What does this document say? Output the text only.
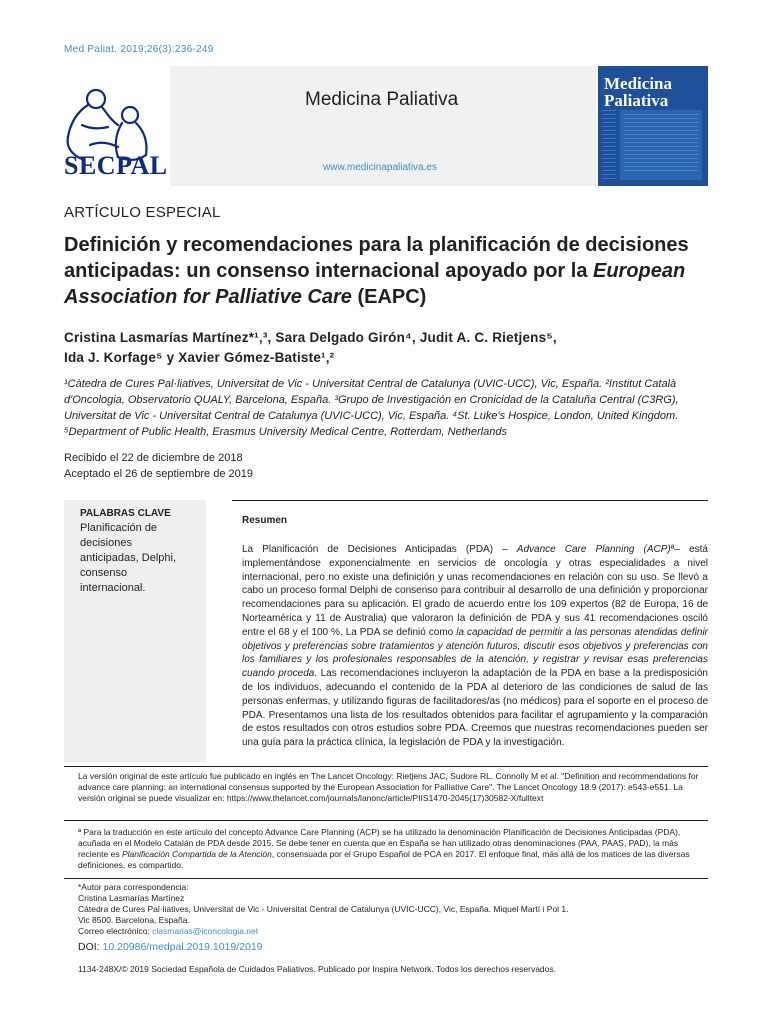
Med Paliat. 2019;26(3):236-249
SECPAL
Medicina Paliativa
www.medicinapaliativa.es

Medicina
Paliativa
ARTÍCULO ESPECIAL
Definición y recomendaciones para la planificación de decisiones anticipadas: un consenso internacional apoyado por la European Association for Palliative Care (EAPC)
Cristina Lasmarías Martínez*¹‚³, Sara Delgado Girón⁴, Judit A. C. Rietjens⁵,
Ida J. Korfage⁵ y Xavier Gómez-Batiste¹‚²
¹Càtedra de Cures Pal·liatives, Universitat de Vic - Universitat Central de Catalunya (UVIC-UCC), Vic, España. ²Institut Català d'Oncologia, Observatorio QUALY, Barcelona, España. ³Grupo de Investigación en Cronicidad de la Cataluña Central (C3RG), Universitat de Vic - Universitat Central de Catalunya (UVIC-UCC), Vic, España. ⁴St. Luke's Hospice, London, United Kingdom. ⁵Department of Public Health, Erasmus University Medical Centre, Rotterdam, Netherlands
Recibido el 22 de diciembre de 2018
Aceptado el 26 de septiembre de 2019
PALABRAS CLAVE
Planificación de decisiones anticipadas, Delphi, consenso internacional.
Resumen
La Planificación de Decisiones Anticipadas (PDA) – Advance Care Planning (ACP)ª– está implementándose exponencialmente en servicios de oncología y otras especialidades a nivel internacional, pero no existe una definición y unas recomendaciones en relación con su uso. Se llevó a cabo un proceso formal Delphi de consenso para contribuir al desarrollo de una definición y proporcionar recomendaciones para su aplicación. El grado de acuerdo entre los 109 expertos (82 de Europa, 16 de Norteamérica y 11 de Australia) que valoraron la definición de PDA y sus 41 recomendaciones osciló entre el 68 y el 100 %. La PDA se definió como la capacidad de permitir a las personas atendidas definir objetivos y preferencias sobre tratamientos y atención futuros, discutir esos objetivos y preferencias con los familiares y los profesionales responsables de la atención, y registrar y revisar esas preferencias cuando proceda. Las recomendaciones incluyeron la adaptación de la PDA en base a la predisposición de los individuos, adecuando el contenido de la PDA al deterioro de las condiciones de salud de las personas enfermas, y utilizando figuras de facilitadores/as (no médicos) para el soporte en el proceso de PDA. Presentamos una lista de los resultados obtenidos para facilitar el agrupamiento y la comparación de estos resultados con otros estudios sobre PDA. Creemos que nuestras recomendaciones pueden ser una guía para la práctica clínica, la legislación de PDA y la investigación.
La versión original de este artículo fue publicado en inglés en The Lancet Oncology: Rietjens JAC, Sudore RL, Connolly M et al. "Definition and recommendations for advance care planning: an international consensus supported by the European Association for Palliative Care". The Lancet Oncology 18.9 (2017): e543-e551. La versión original se puede visualizar en: https://www.thelancet.com/journals/lanonc/article/PIIS1470-2045(17)30582-X/fulltext
ª Para la traducción en este artículo del concepto Advance Care Planning (ACP) se ha utilizado la denominación Planificación de Decisiones Anticipadas (PDA), acuñada en el Modelo Catalán de PDA desde 2015. Se debe tener en cuenta que en España se han utilizado otras denominaciones (PAA, PAAS, PAD), la más reciente es Planificación Compartida de la Atención, consensuada por el Grupo Español de PCA en 2017. El enfoque final, más allá de los matices de las diversas definiciones, es compartido.
*Autor para correspondencia:
Cristina Lasmarías Martínez
Càtedra de Cures Pal·liatives, Universitat de Vic - Universitat Central de Catalunya (UVIC-UCC), Vic, España. Miquel Martí i Pol 1.
Vic 8500. Barcelona, España.
Correo electrónico: clasmarias@iconcologia.net
DOI: 10.20986/medpal.2019.1019/2019
1134-248X/© 2019 Sociedad Española de Cuidados Paliativos. Publicado por Inspira Network. Todos los derechos reservados.
